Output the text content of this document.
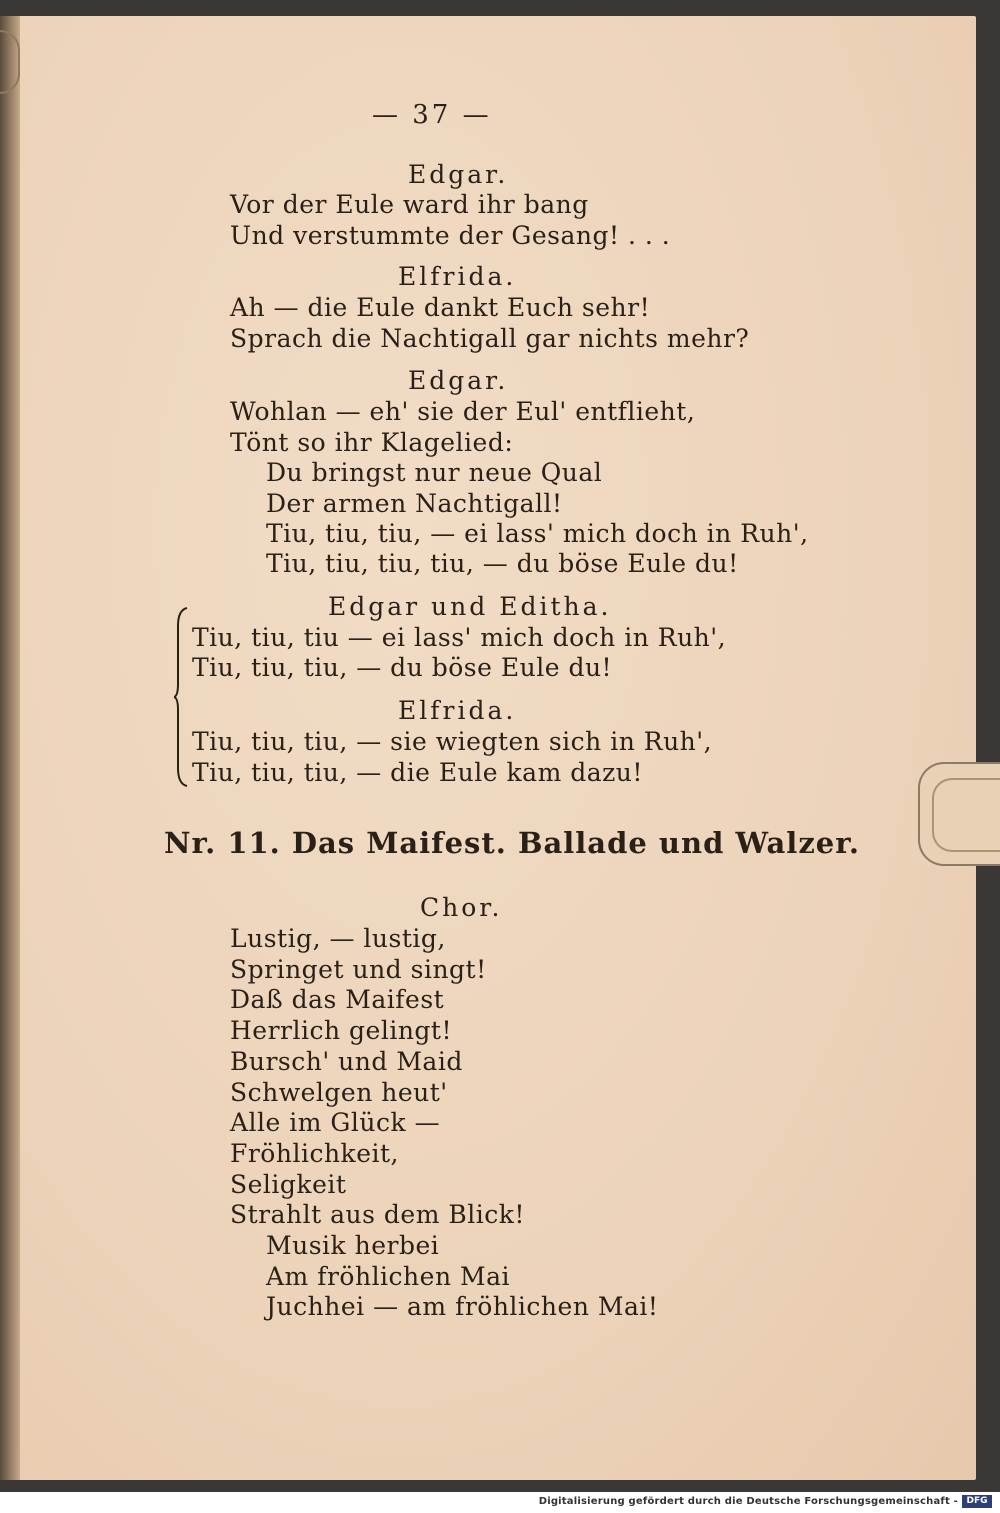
— 37 —
Edgar.
Vor der Eule ward ihr bang
Und verstummte der Gesang! . . .
Elfrida.
Ah — die Eule dankt Euch sehr!
Sprach die Nachtigall gar nichts mehr?
Edgar.
Wohlan — eh' sie der Eul' entflieht,
Tönt so ihr Klagelied:
Du bringst nur neue Qual
Der armen Nachtigall!
Tiu, tiu, tiu, — ei lass' mich doch in Ruh',
Tiu, tiu, tiu, tiu, — du böse Eule du!
Edgar und Editha.
Tiu, tiu, tiu — ei lass' mich doch in Ruh',
Tiu, tiu, tiu, — du böse Eule du!
Elfrida.
Tiu, tiu, tiu, — sie wiegten sich in Ruh',
Tiu, tiu, tiu, — die Eule kam dazu!
Nr. 11. Das Maifest. Ballade und Walzer.
Chor.
Lustig, — lustig,
Springet und singt!
Daß das Maifest
Herrlich gelingt!
Bursch' und Maid
Schwelgen heut'
Alle im Glück —
Fröhlichkeit,
Seligkeit
Strahlt aus dem Blick!
Musik herbei
Am fröhlichen Mai
Juchhei — am fröhlichen Mai!
Digitalisierung gefördert durch die Deutsche Forschungsgemeinschaft - DFG
